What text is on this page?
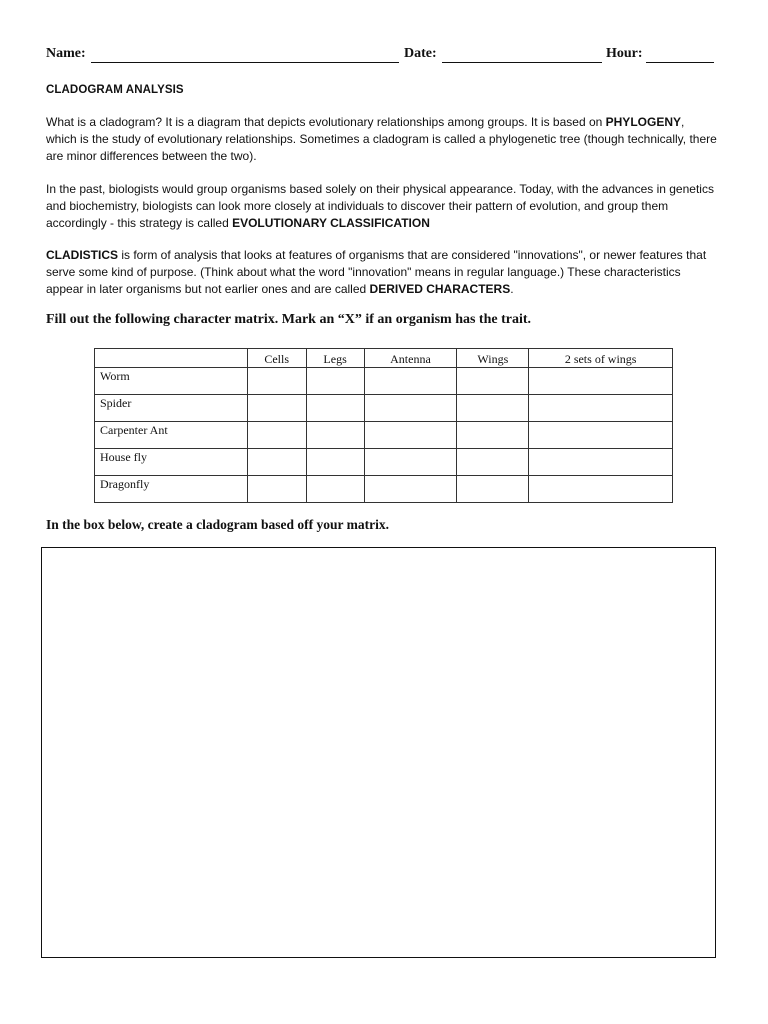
Name:	Date:	Hour:
CLADOGRAM ANALYSIS

What is a cladogram? It is a diagram that depicts evolutionary relationships among groups. It is based on PHYLOGENY, which is the study of evolutionary relationships. Sometimes a cladogram is called a phylogenetic tree (though technically, there are minor differences between the two).

In the past, biologists would group organisms based solely on their physical appearance. Today, with the advances in genetics and biochemistry, biologists can look more closely at individuals to discover their pattern of evolution, and group them accordingly - this strategy is called EVOLUTIONARY CLASSIFICATION

CLADISTICS is form of analysis that looks at features of organisms that are considered "innovations", or newer features that serve some kind of purpose. (Think about what the word "innovation" means in regular language.) These characteristics appear in later organisms but not earlier ones and are called DERIVED CHARACTERS.

Fill out the following character matrix. Mark an “X” if an organism has the trait.
	Cells	Legs	Antenna	Wings	2 sets of wings
Worm					
Spider					
Carpenter Ant					
House fly					
Dragonfly					
In the box below, create a cladogram based off your matrix.
